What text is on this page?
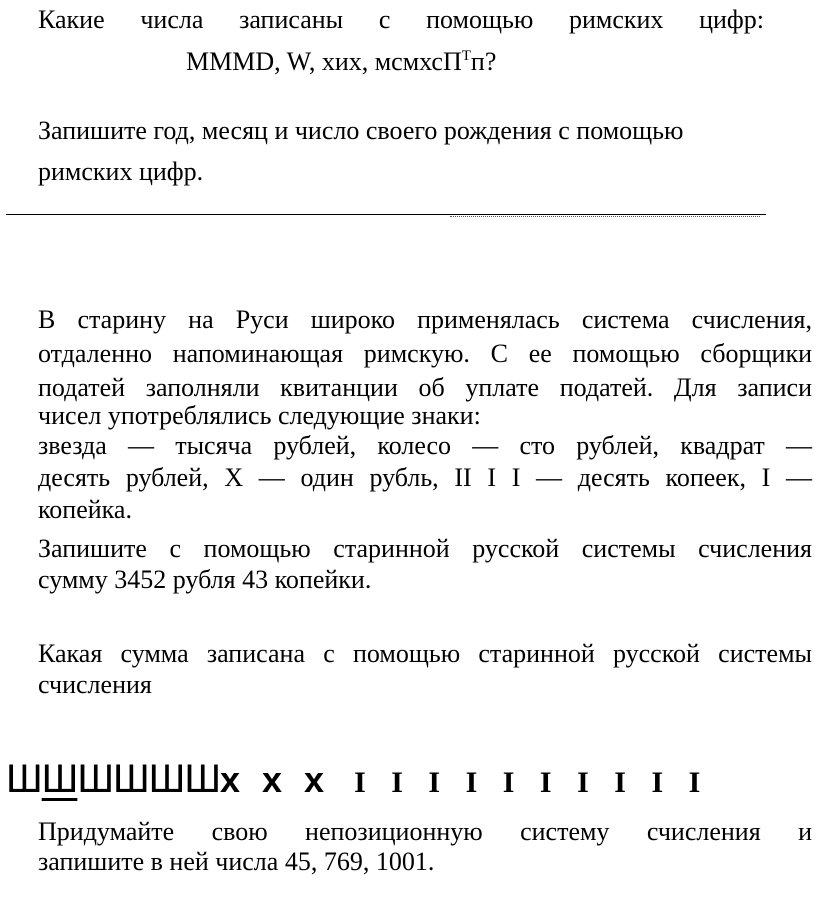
Какие числа записаны с помощью римских цифр:
MMMD, W, хих, мсмхсП$^T$п?
Запишите год, месяц и число своего рождения с помощью
римских цифр.
В старину на Руси широко применялась система счисления,
отдаленно напоминающая римскую. С ее помощью сборщики
податей заполняли квитанции об уплате податей. Для записи
чисел употреблялись следующие знаки:
звезда — тысяча рублей, колесо — сто рублей, квадрат —
десять рублей, X — один рубль, II I I — десять копеек, I —
копейка.
Запишите с помощью старинной русской системы счисления
сумму 3452 рубля 43 копейки.
Какая сумма записана с помощью старинной русской системы
счисления
ШШШШШШx x x I I I I I I I I I I
Придумайте свою непозиционную систему счисления и
запишите в ней числа 45, 769, 1001.
